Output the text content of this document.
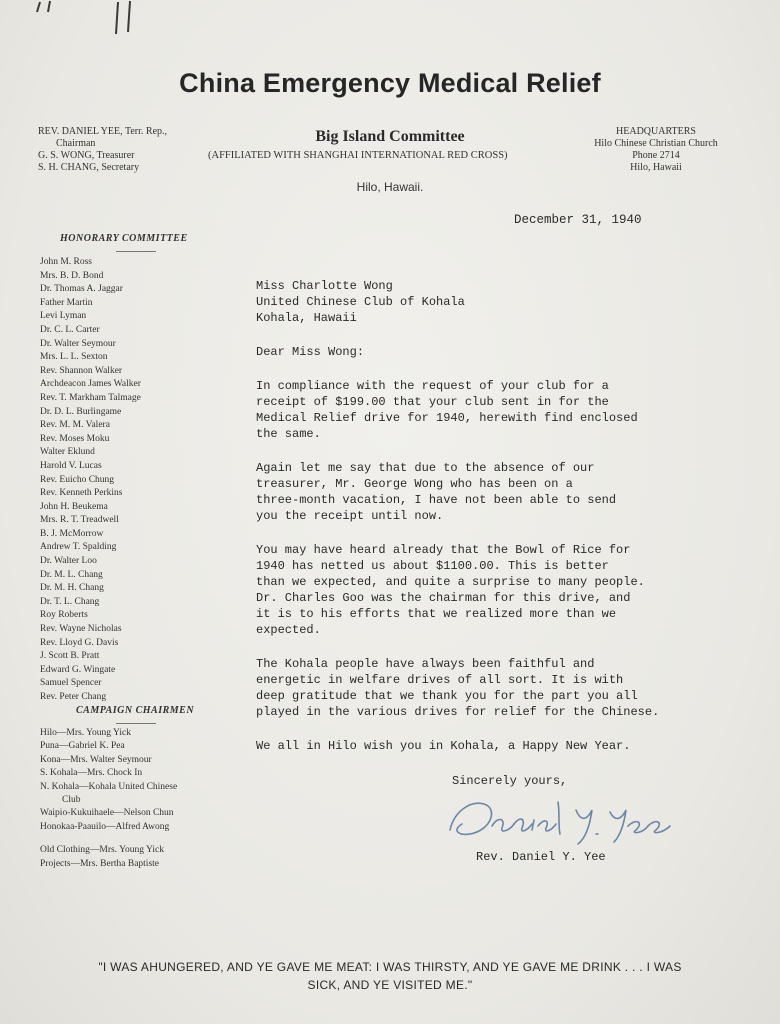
China Emergency Medical Relief
REV. DANIEL YEE, Terr. Rep.,
Chairman
G. S. WONG, Treasurer
S. H. CHANG, Secretary
Big Island Committee
(AFFILIATED WITH SHANGHAI INTERNATIONAL RED CROSS)
HEADQUARTERS
Hilo Chinese Christian Church
Phone 2714
Hilo, Hawaii
Hilo, Hawaii.
December 31, 1940
HONORARY COMMITTEE
John M. Ross
Mrs. B. D. Bond
Dr. Thomas A. Jaggar
Father Martin
Levi Lyman
Dr. C. L. Carter
Dr. Walter Seymour
Mrs. L. L. Sexton
Rev. Shannon Walker
Archdeacon James Walker
Rev. T. Markham Talmage
Dr. D. L. Burlingame
Rev. M. M. Valera
Rev. Moses Moku
Walter Eklund
Harold V. Lucas
Rev. Euicho Chung
Rev. Kenneth Perkins
John H. Beukema
Mrs. R. T. Treadwell
B. J. McMorrow
Andrew T. Spalding
Dr. Walter Loo
Dr. M. L. Chang
Dr. M. H. Chang
Dr. T. L. Chang
Roy Roberts
Rev. Wayne Nicholas
Rev. Lloyd G. Davis
J. Scott B. Pratt
Edward G. Wingate
Samuel Spencer
Rev. Peter Chang
CAMPAIGN CHAIRMEN
Hilo—Mrs. Young Yick
Puna—Gabriel K. Pea
Kona—Mrs. Walter Seymour
S. Kohala—Mrs. Chock In
N. Kohala—Kohala United Chinese
Club
Waipio-Kukuihaele—Nelson Chun
Honokaa-Paauilo—Alfred Awong
Old Clothing—Mrs. Young Yick
Projects—Mrs. Bertha Baptiste
Miss Charlotte Wong
United Chinese Club of Kohala
Kohala, Hawaii
Dear Miss Wong:
In compliance with the request of your club for a
receipt of $199.00 that your club sent in for the
Medical Relief drive for 1940, herewith find enclosed
the same.
Again let me say that due to the absence of our
treasurer, Mr. George Wong who has been on a
three-month vacation, I have not been able to send
you the receipt until now.
You may have heard already that the Bowl of Rice for
1940 has netted us about $1100.00. This is better
than we expected, and quite a surprise to many people.
Dr. Charles Goo was the chairman for this drive, and
it is to his efforts that we realized more than we
expected.
The Kohala people have always been faithful and
energetic in welfare drives of all sort. It is with
deep gratitude that we thank you for the part you all
played in the various drives for relief for the Chinese.
We all in Hilo wish you in Kohala, a Happy New Year.
Sincerely yours,
Rev. Daniel Y. Yee
"I WAS AHUNGERED, AND YE GAVE ME MEAT: I WAS THIRSTY, AND YE GAVE ME DRINK . . . I WAS
SICK, AND YE VISITED ME."
